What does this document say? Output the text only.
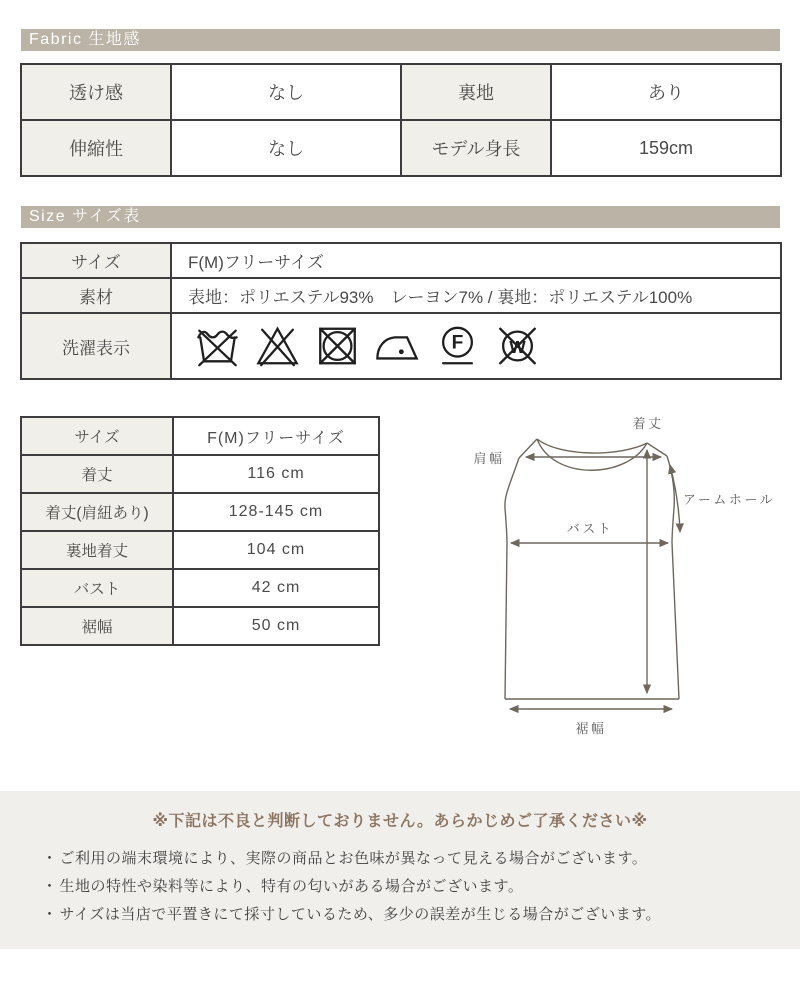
Fabric 生地感
透け感	なし	裏地	あり
伸縮性	なし	モデル身長	159cm
Size サイズ表
サイズ	F(M)フリーサイズ
素材	表地：ポリエステル93%　レーヨン7% / 裏地：ポリエステル100%
洗濯表示	F W
サイズ	F(M)フリーサイズ
着丈	116 cm
着丈(肩紐あり)	128-145 cm
裏地着丈	104 cm
バスト	42 cm
裾幅	50 cm
肩幅
着丈
アームホール
バスト
裾幅
※下記は不良と判断しておりません。あらかじめご了承ください※
・ ご利用の端末環境により、実際の商品とお色味が異なって見える場合がございます。
・ 生地の特性や染料等により、特有の匂いがある場合がございます。
・ サイズは当店で平置きにて採寸しているため、多少の誤差が生じる場合がございます。
